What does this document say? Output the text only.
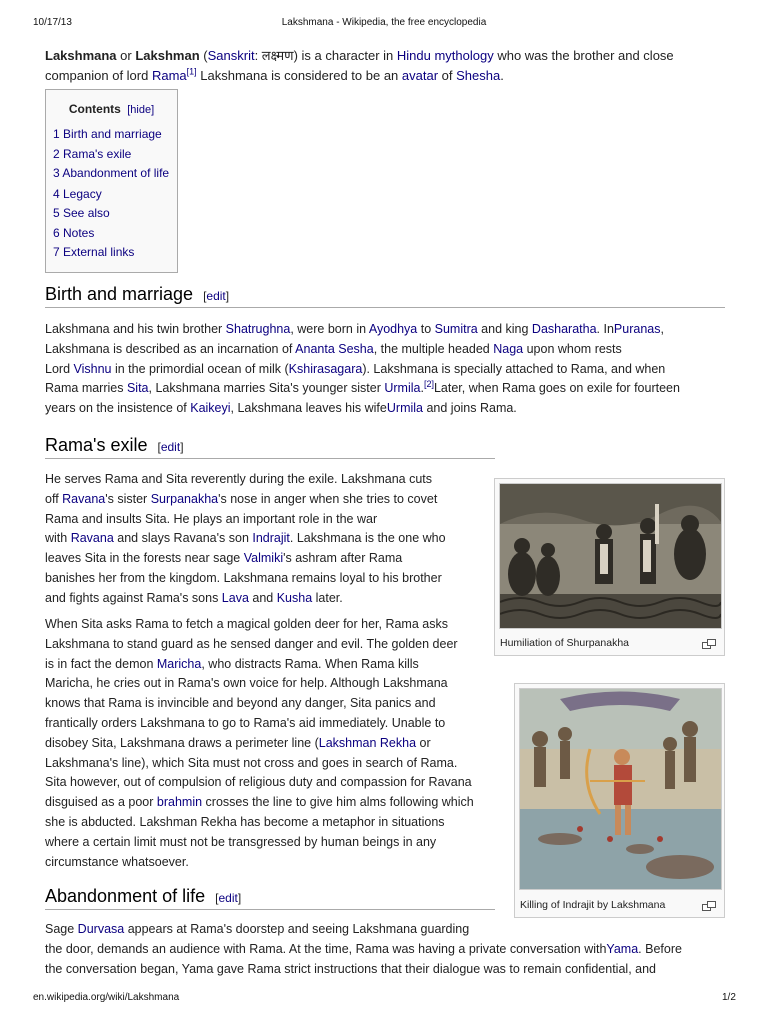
10/17/13	Lakshmana - Wikipedia, the free encyclopedia
Lakshmana or Lakshman (Sanskrit: लक्ष्मण) is a character in Hindu mythology who was the brother and close companion of lord Rama[1] Lakshmana is considered to be an avatar of Shesha.
Contents [hide]
1 Birth and marriage
2 Rama's exile
3 Abandonment of life
4 Legacy
5 See also
6 Notes
7 External links
Birth and marriage [edit]
Lakshmana and his twin brother Shatrughna, were born in Ayodhya to Sumitra and king Dasharatha. InPuranas,
Lakshmana is described as an incarnation of Ananta Sesha, the multiple headed Naga upon whom rests
Lord Vishnu in the primordial ocean of milk (Kshirasagara). Lakshmana is specially attached to Rama, and when
Rama marries Sita, Lakshmana marries Sita's younger sister Urmila.[2]Later, when Rama goes on exile for fourteen
years on the insistence of Kaikeyi, Lakshmana leaves his wifeUrmila and joins Rama.
Rama's exile [edit]
He serves Rama and Sita reverently during the exile. Lakshmana cuts
off Ravana's sister Surpanakha's nose in anger when she tries to covet
Rama and insults Sita. He plays an important role in the war
with Ravana and slays Ravana's son Indrajit. Lakshmana is the one who
leaves Sita in the forests near sage Valmiki's ashram after Rama
banishes her from the kingdom. Lakshmana remains loyal to his brother
and fights against Rama's sons Lava and Kusha later.
When Sita asks Rama to fetch a magical golden deer for her, Rama asks
Lakshmana to stand guard as he sensed danger and evil. The golden deer
is in fact the demon Maricha, who distracts Rama. When Rama kills
Maricha, he cries out in Rama's own voice for help. Although Lakshmana
knows that Rama is invincible and beyond any danger, Sita panics and
frantically orders Lakshmana to go to Rama's aid immediately. Unable to
disobey Sita, Lakshmana draws a perimeter line (Lakshman Rekha or
Lakshmana's line), which Sita must not cross and goes in search of Rama.
Sita however, out of compulsion of religious duty and compassion for Ravana
disguised as a poor brahmin crosses the line to give him alms following which
she is abducted. Lakshman Rekha has become a metaphor in situations
where a certain limit must not be transgressed by human beings in any
circumstance whatsoever.
Abandonment of life [edit]
Sage Durvasa appears at Rama's doorstep and seeing Lakshmana guarding
the door, demands an audience with Rama. At the time, Rama was having a private conversation withYama. Before
the conversation began, Yama gave Rama strict instructions that their dialogue was to remain confidential, and
Humiliation of Shurpanakha
Killing of Indrajit by Lakshmana
en.wikipedia.org/wiki/Lakshmana	1/2
